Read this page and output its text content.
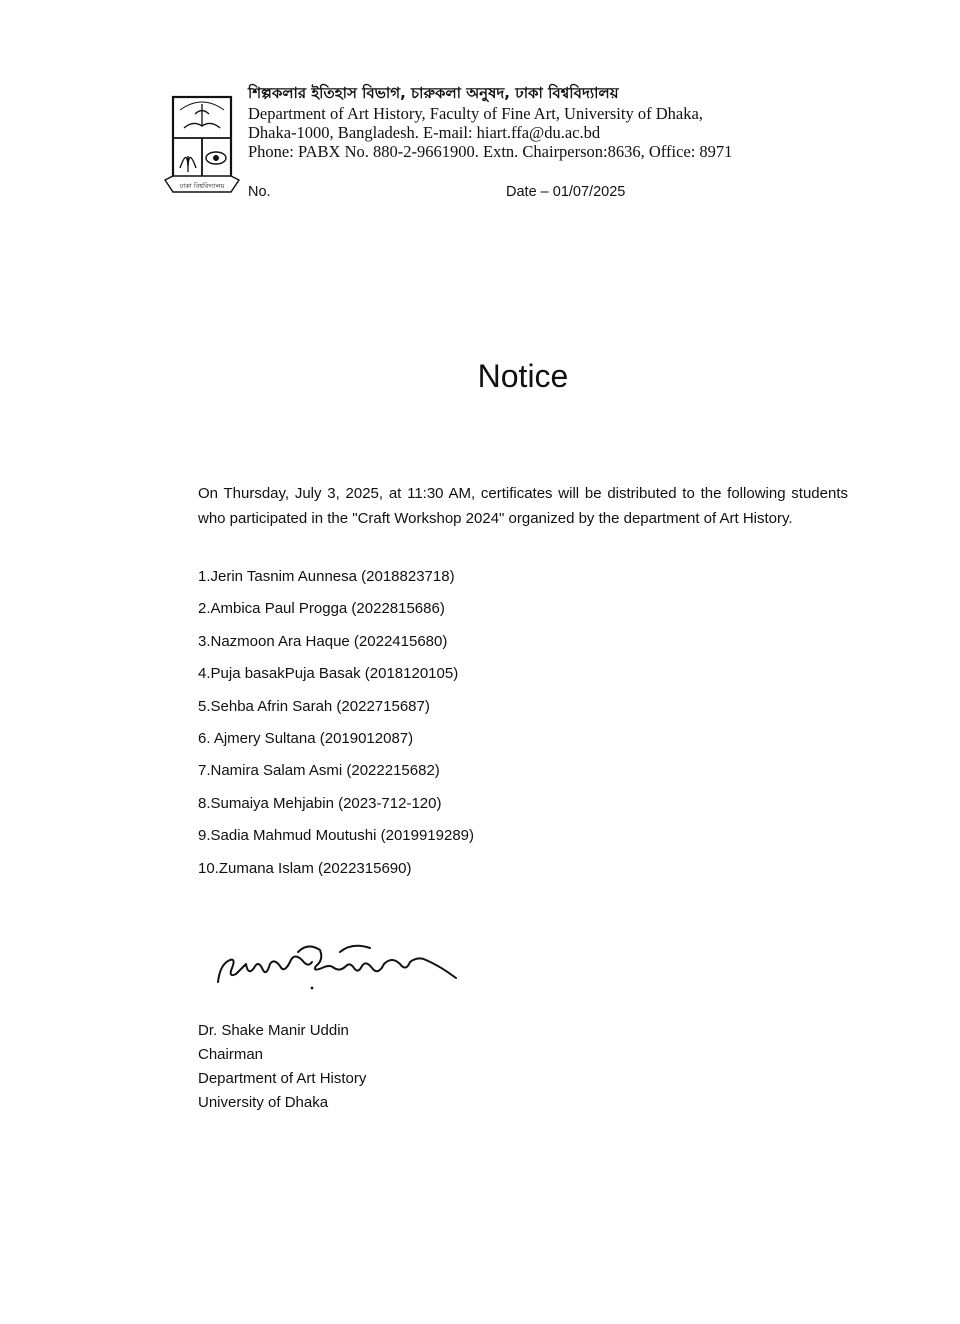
ঢাকা বিশ্ববিদ্যালয়

শিল্পকলার ইতিহাস বিভাগ, চারুকলা অনুষদ, ঢাকা বিশ্ববিদ্যালয়

Department of Art History, Faculty of Fine Art, University of Dhaka,

Dhaka-1000, Bangladesh. E-mail: hiart.ffa@du.ac.bd

Phone: PABX No. 880-2-9661900. Extn. Chairperson:8636, Office: 8971

No.	Date – 01/07/2025
Notice

On Thursday, July 3, 2025, at 11:30 AM, certificates will be distributed to the following students who participated in the "Craft Workshop 2024" organized by the department of Art History.

1.Jerin Tasnim Aunnesa (2018823718)
2.Ambica Paul Progga (2022815686)
3.Nazmoon Ara Haque (2022415680)
4.Puja basakPuja Basak (2018120105)
5.Sehba Afrin Sarah (2022715687)
6. Ajmery Sultana (2019012087)
7.Namira Salam Asmi (2022215682)
8.Sumaiya Mehjabin (2023-712-120)
9.Sadia Mahmud Moutushi (2019919289)
10.Zumana Islam (2022315690)
Dr. Shake Manir Uddin
Chairman
Department of Art History
University of Dhaka
